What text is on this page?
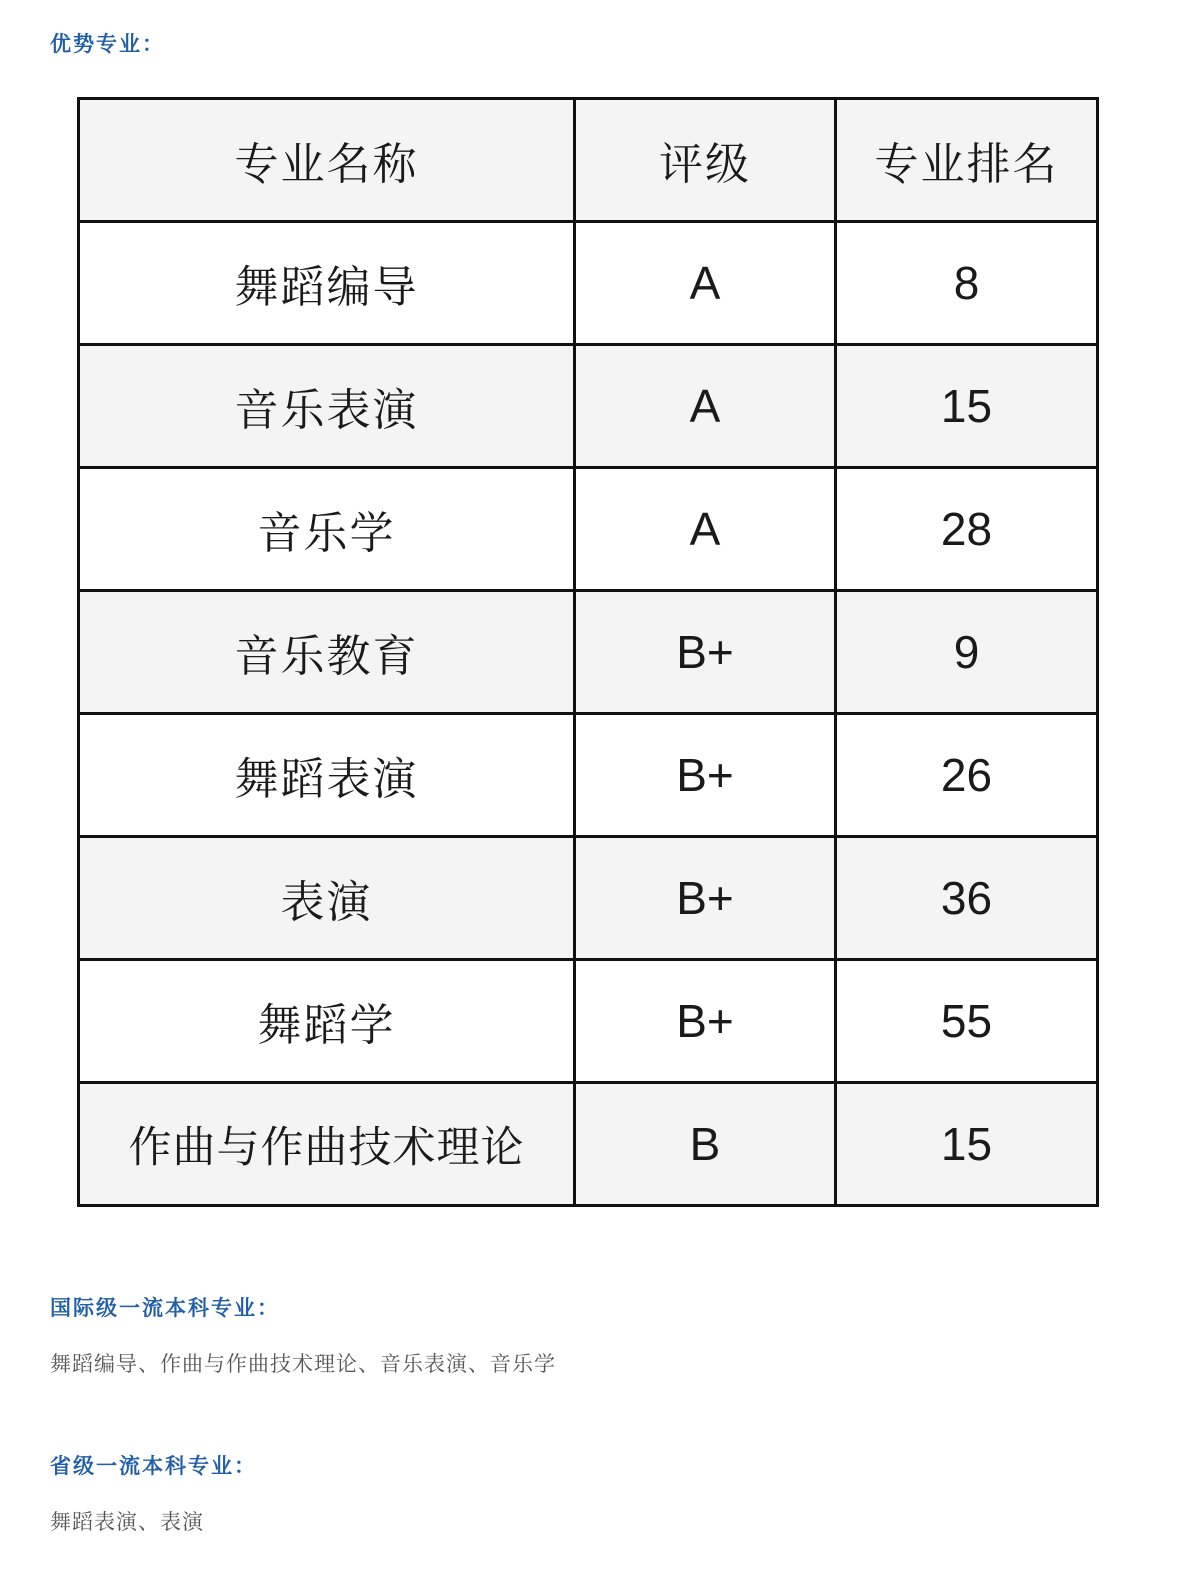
优势专业：
专业名称	评级	专业排名
舞蹈编导	A	8
音乐表演	A	15
音乐学	A	28
音乐教育	B+	9
舞蹈表演	B+	26
表演	B+	36
舞蹈学	B+	55
作曲与作曲技术理论	B	15
国际级一流本科专业：
舞蹈编导、作曲与作曲技术理论、音乐表演、音乐学
省级一流本科专业：
舞蹈表演、表演
